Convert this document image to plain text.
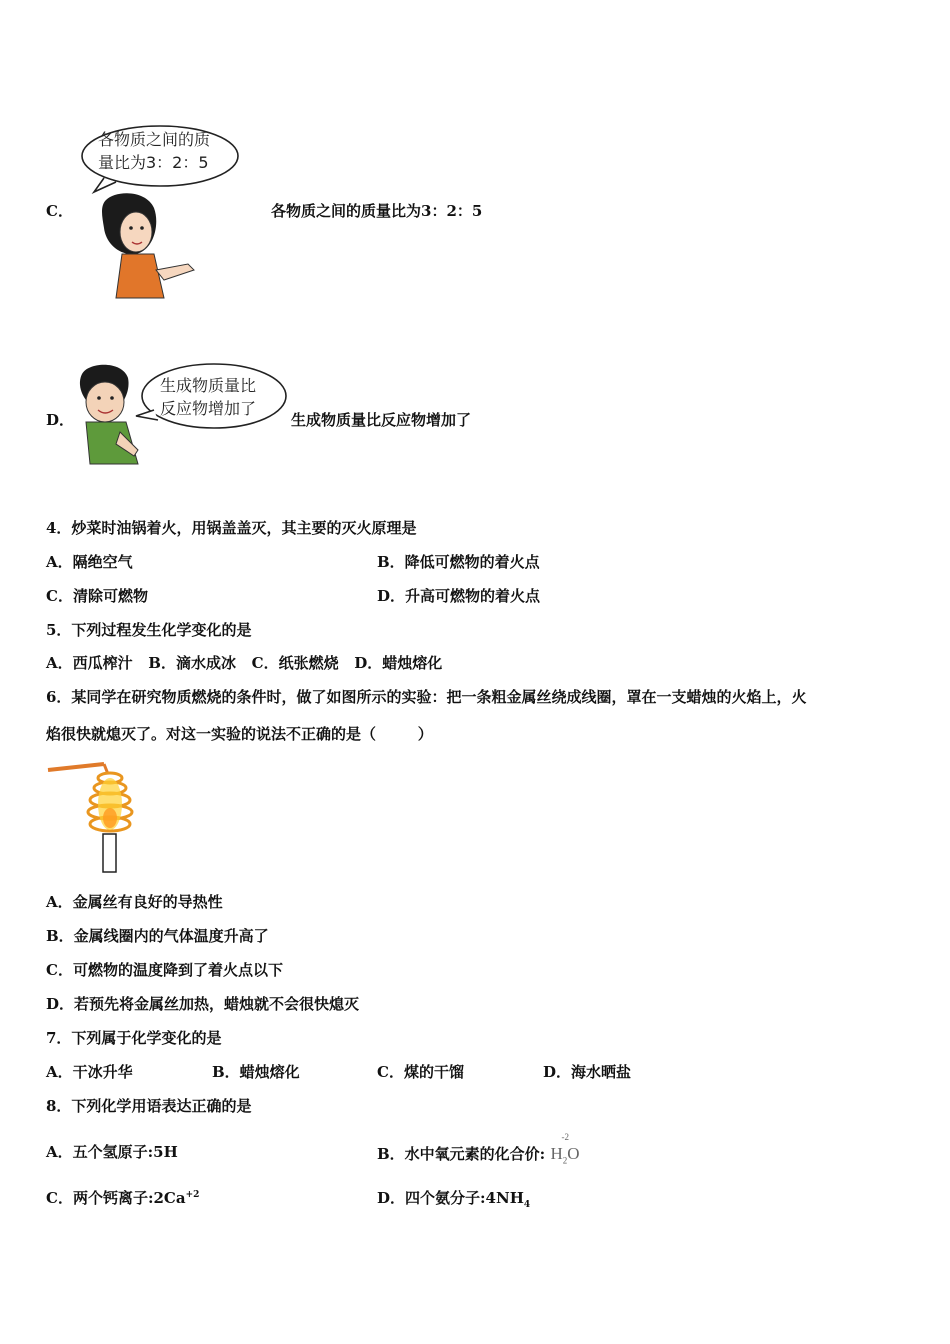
C．
各物质之间的质
量比为3：2：5
各物质之间的质量比为3：2：5
D．
生成物质量比
反应物增加了
生成物质量比反应物增加了
4．炒菜时油锅着火，用锅盖盖灭，其主要的灭火原理是
A．隔绝空气	B．降低可燃物的着火点
C．清除可燃物	D．升高可燃物的着火点
5．下列过程发生化学变化的是
A．西瓜榨汁   B．滴水成冰   C．纸张燃烧   D．蜡烛熔化
6．某同学在研究物质燃烧的条件时，做了如图所示的实验：把一条粗金属丝绕成线圈，罩在一支蜡烛的火焰上，火
焰很快就熄灭了。对这一实验的说法不正确的是（        ）
A．金属丝有良好的导热性
B．金属线圈内的气体温度升高了
C．可燃物的温度降到了着火点以下
D．若预先将金属丝加热，蜡烛就不会很快熄灭
7．下列属于化学变化的是
A．干冰升华	B．蜡烛熔化	C．煤的干馏	D．海水晒盐
8．下列化学用语表达正确的是
A．五个氢原子:5H	B．水中氧元素的化合价:
-2
$H_2O$
C．两个钙离子$:2Ca^{+2}$	D．四个氨分子$:4NH_4$
